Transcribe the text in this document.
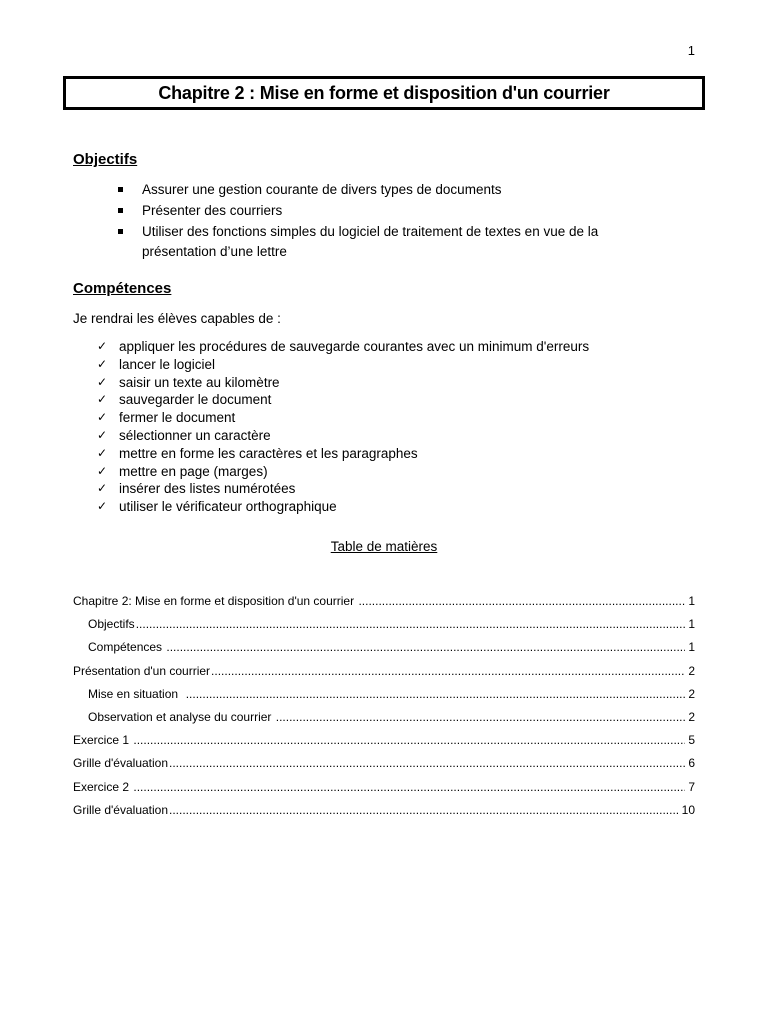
1
Chapitre 2 : Mise en forme et disposition d'un courrier
Objectifs
Assurer une gestion courante de divers types de documents
Présenter des courriers
Utiliser des fonctions simples du logiciel de traitement de textes en vue de la présentation d’une lettre
Compétences
Je rendrai les élèves capables de :
✓ appliquer les procédures de sauvegarde courantes avec un minimum d'erreurs
✓ lancer le logiciel
✓ saisir un texte au kilomètre
✓ sauvegarder le document
✓ fermer le document
✓ sélectionner un caractère
✓ mettre en forme les caractères et les paragraphes
✓ mettre en page (marges)
✓ insérer des listes numérotées
✓ utiliser le vérificateur orthographique
Table de matières
Chapitre 2: Mise en forme et disposition d'un courrier .....	1
Objectifs .....	1
Compétences .....	1
Présentation d'un courrier .....	2
Mise en situation .....	2
Observation et analyse du courrier .....	2
Exercice 1 .....	5
Grille d'évaluation .....	6
Exercice 2 .....	7
Grille d'évaluation .....	10
